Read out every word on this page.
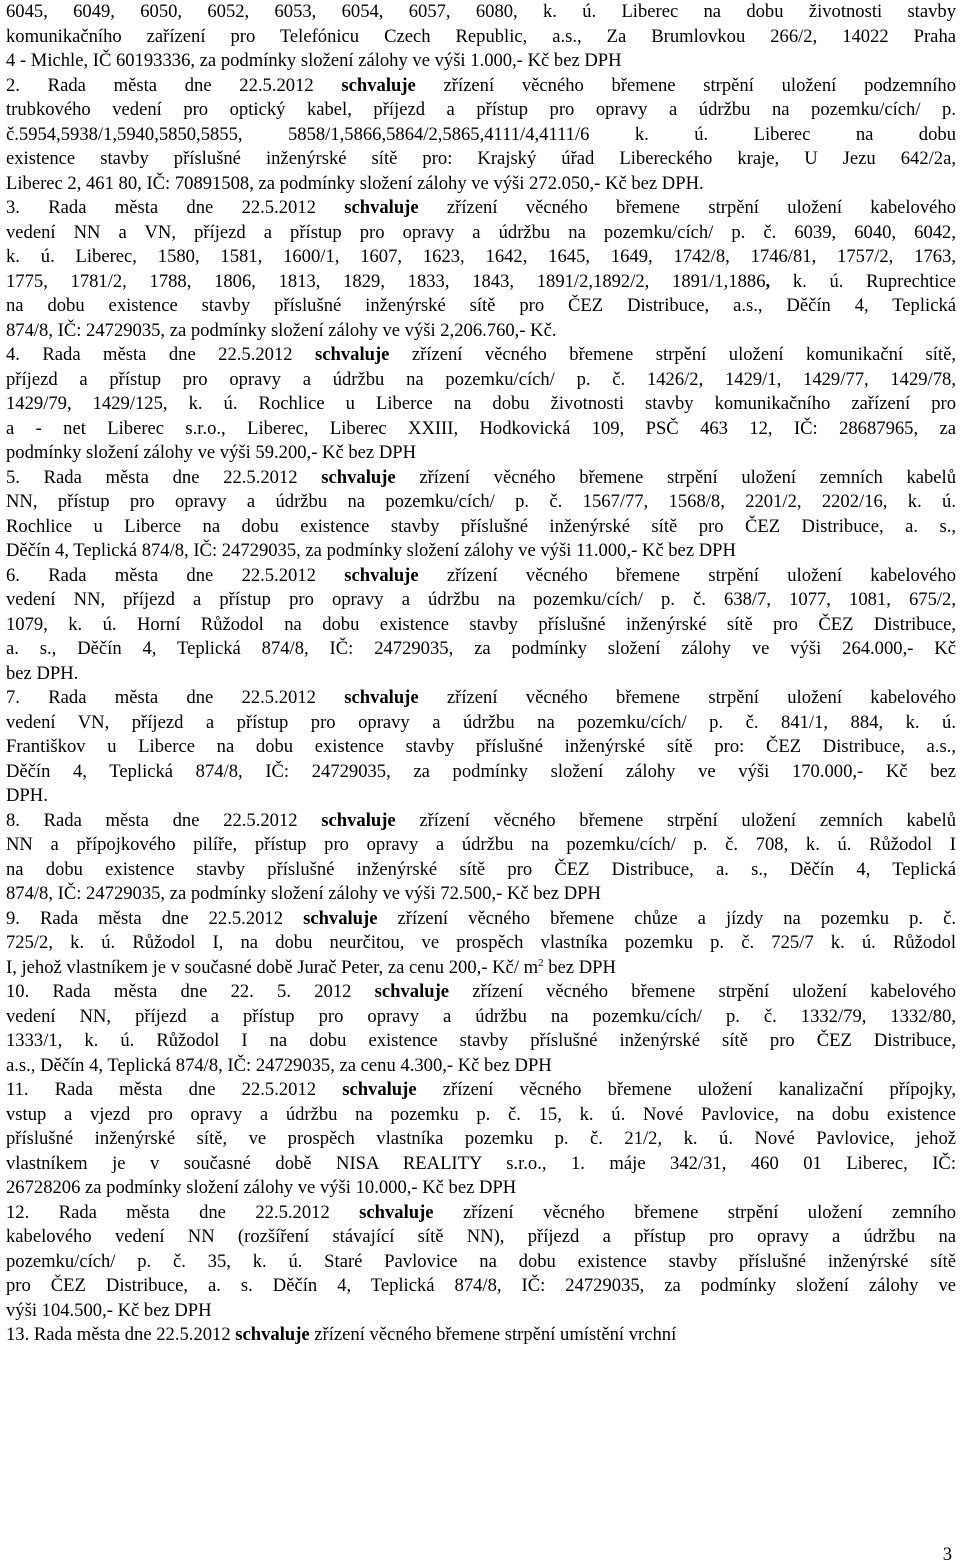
6045, 6049, 6050, 6052, 6053, 6054, 6057, 6080, k. ú. Liberec na dobu životnosti stavby
komunikačního zařízení pro Telefónicu Czech Republic, a.s., Za Brumlovkou 266/2, 14022 Praha
4 - Michle, IČ 60193336, za podmínky složení zálohy ve výši 1.000,- Kč bez DPH
2. Rada města dne 22.5.2012 schvaluje zřízení věcného břemene strpění uložení podzemního
trubkového vedení pro optický kabel, příjezd a přístup pro opravy a údržbu na pozemku/cích/ p.
č.5954,5938/1,5940,5850,5855, 5858/1,5866,5864/2,5865,4111/4,4111/6 k. ú. Liberec na dobu
existence stavby příslušné inženýrské sítě pro: Krajský úřad Libereckého kraje, U Jezu 642/2a,
Liberec 2, 461 80, IČ: 70891508, za podmínky složení zálohy ve výši 272.050,- Kč bez DPH.
3. Rada města dne 22.5.2012 schvaluje zřízení věcného břemene strpění uložení kabelového
vedení NN a VN, příjezd a přístup pro opravy a údržbu na pozemku/cích/ p. č. 6039, 6040, 6042,
k. ú. Liberec, 1580, 1581, 1600/1, 1607, 1623, 1642, 1645, 1649, 1742/8, 1746/81, 1757/2, 1763,
1775, 1781/2, 1788, 1806, 1813, 1829, 1833, 1843, 1891/2,1892/2, 1891/1,1886, k. ú. Ruprechtice
na dobu existence stavby příslušné inženýrské sítě pro ČEZ Distribuce, a.s., Děčín 4, Teplická
874/8, IČ: 24729035, za podmínky složení zálohy ve výši 2,206.760,- Kč.
4. Rada města dne 22.5.2012 schvaluje zřízení věcného břemene strpění uložení komunikační sítě,
příjezd a přístup pro opravy a údržbu na pozemku/cích/ p. č. 1426/2, 1429/1, 1429/77, 1429/78,
1429/79, 1429/125, k. ú. Rochlice u Liberce na dobu životnosti stavby komunikačního zařízení pro
a - net Liberec s.r.o., Liberec, Liberec XXIII, Hodkovická 109, PSČ 463 12, IČ: 28687965, za
podmínky složení zálohy ve výši 59.200,- Kč bez DPH
5. Rada města dne 22.5.2012 schvaluje zřízení věcného břemene strpění uložení zemních kabelů
NN, přístup pro opravy a údržbu na pozemku/cích/ p. č. 1567/77, 1568/8, 2201/2, 2202/16, k. ú.
Rochlice u Liberce na dobu existence stavby příslušné inženýrské sítě pro ČEZ Distribuce, a. s.,
Děčín 4, Teplická 874/8, IČ: 24729035, za podmínky složení zálohy ve výši 11.000,- Kč bez DPH
6. Rada města dne 22.5.2012 schvaluje zřízení věcného břemene strpění uložení kabelového
vedení NN, příjezd a přístup pro opravy a údržbu na pozemku/cích/ p. č. 638/7, 1077, 1081, 675/2,
1079, k. ú. Horní Růžodol na dobu existence stavby příslušné inženýrské sítě pro ČEZ Distribuce,
a. s., Děčín 4, Teplická 874/8, IČ: 24729035, za podmínky složení zálohy ve výši 264.000,- Kč
bez DPH.
7. Rada města dne 22.5.2012 schvaluje zřízení věcného břemene strpění uložení kabelového
vedení VN, příjezd a přístup pro opravy a údržbu na pozemku/cích/ p. č. 841/1, 884, k. ú.
Františkov u Liberce na dobu existence stavby příslušné inženýrské sítě pro: ČEZ Distribuce, a.s.,
Děčín 4, Teplická 874/8, IČ: 24729035, za podmínky složení zálohy ve výši 170.000,- Kč bez
DPH.
8. Rada města dne 22.5.2012 schvaluje zřízení věcného břemene strpění uložení zemních kabelů
NN a přípojkového pilíře, přístup pro opravy a údržbu na pozemku/cích/ p. č. 708, k. ú. Růžodol I
na dobu existence stavby příslušné inženýrské sítě pro ČEZ Distribuce, a. s., Děčín 4, Teplická
874/8, IČ: 24729035, za podmínky složení zálohy ve výši 72.500,- Kč bez DPH
9. Rada města dne 22.5.2012 schvaluje zřízení věcného břemene chůze a jízdy na pozemku p. č.
725/2, k. ú. Růžodol I, na dobu neurčitou, ve prospěch vlastníka pozemku p. č. 725/7 k. ú. Růžodol
I, jehož vlastníkem je v současné době Jurač Peter, za cenu 200,- Kč/ $m^2$ bez DPH
10. Rada města dne 22. 5. 2012 schvaluje zřízení věcného břemene strpění uložení kabelového
vedení NN, příjezd a přístup pro opravy a údržbu na pozemku/cích/ p. č. 1332/79, 1332/80,
1333/1, k. ú. Růžodol I na dobu existence stavby příslušné inženýrské sítě pro ČEZ Distribuce,
a.s., Děčín 4, Teplická 874/8, IČ: 24729035, za cenu 4.300,- Kč bez DPH
11. Rada města dne 22.5.2012 schvaluje zřízení věcného břemene uložení kanalizační přípojky,
vstup a vjezd pro opravy a údržbu na pozemku p. č. 15, k. ú. Nové Pavlovice, na dobu existence
příslušné inženýrské sítě, ve prospěch vlastníka pozemku p. č. 21/2, k. ú. Nové Pavlovice, jehož
vlastníkem je v současné době NISA REALITY s.r.o., 1. máje 342/31, 460 01 Liberec, IČ:
26728206 za podmínky složení zálohy ve výši 10.000,- Kč bez DPH
12. Rada města dne 22.5.2012 schvaluje zřízení věcného břemene strpění uložení zemního
kabelového vedení NN (rozšíření stávající sítě NN), příjezd a přístup pro opravy a údržbu na
pozemku/cích/ p. č. 35, k. ú. Staré Pavlovice na dobu existence stavby příslušné inženýrské sítě
pro ČEZ Distribuce, a. s. Děčín 4, Teplická 874/8, IČ: 24729035, za podmínky složení zálohy ve
výši 104.500,- Kč bez DPH
13. Rada města dne 22.5.2012 schvaluje zřízení věcného břemene strpění umístění vrchní
3
